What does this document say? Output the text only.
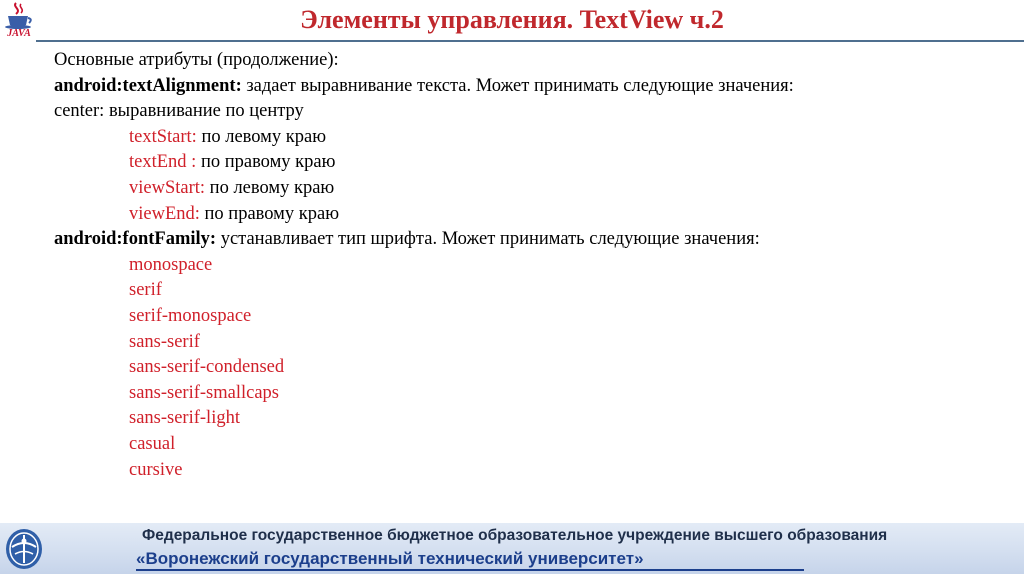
JAVA	Элементы управления. TextView ч.2
Основные атрибуты (продолжение):
android:textAlignment: задает выравнивание текста. Может принимать следующие значения:
center: выравнивание по центру
textStart: по левому краю
textEnd : по правому краю
viewStart: по левому краю
viewEnd: по правому краю
android:fontFamily: устанавливает тип шрифта. Может принимать следующие значения:
monospace
serif
serif-monospace
sans-serif
sans-serif-condensed
sans-serif-smallcaps
sans-serif-light
casual
cursive
Федеральное государственное бюджетное образовательное учреждение высшего образования
«Воронежский государственный технический университет»
